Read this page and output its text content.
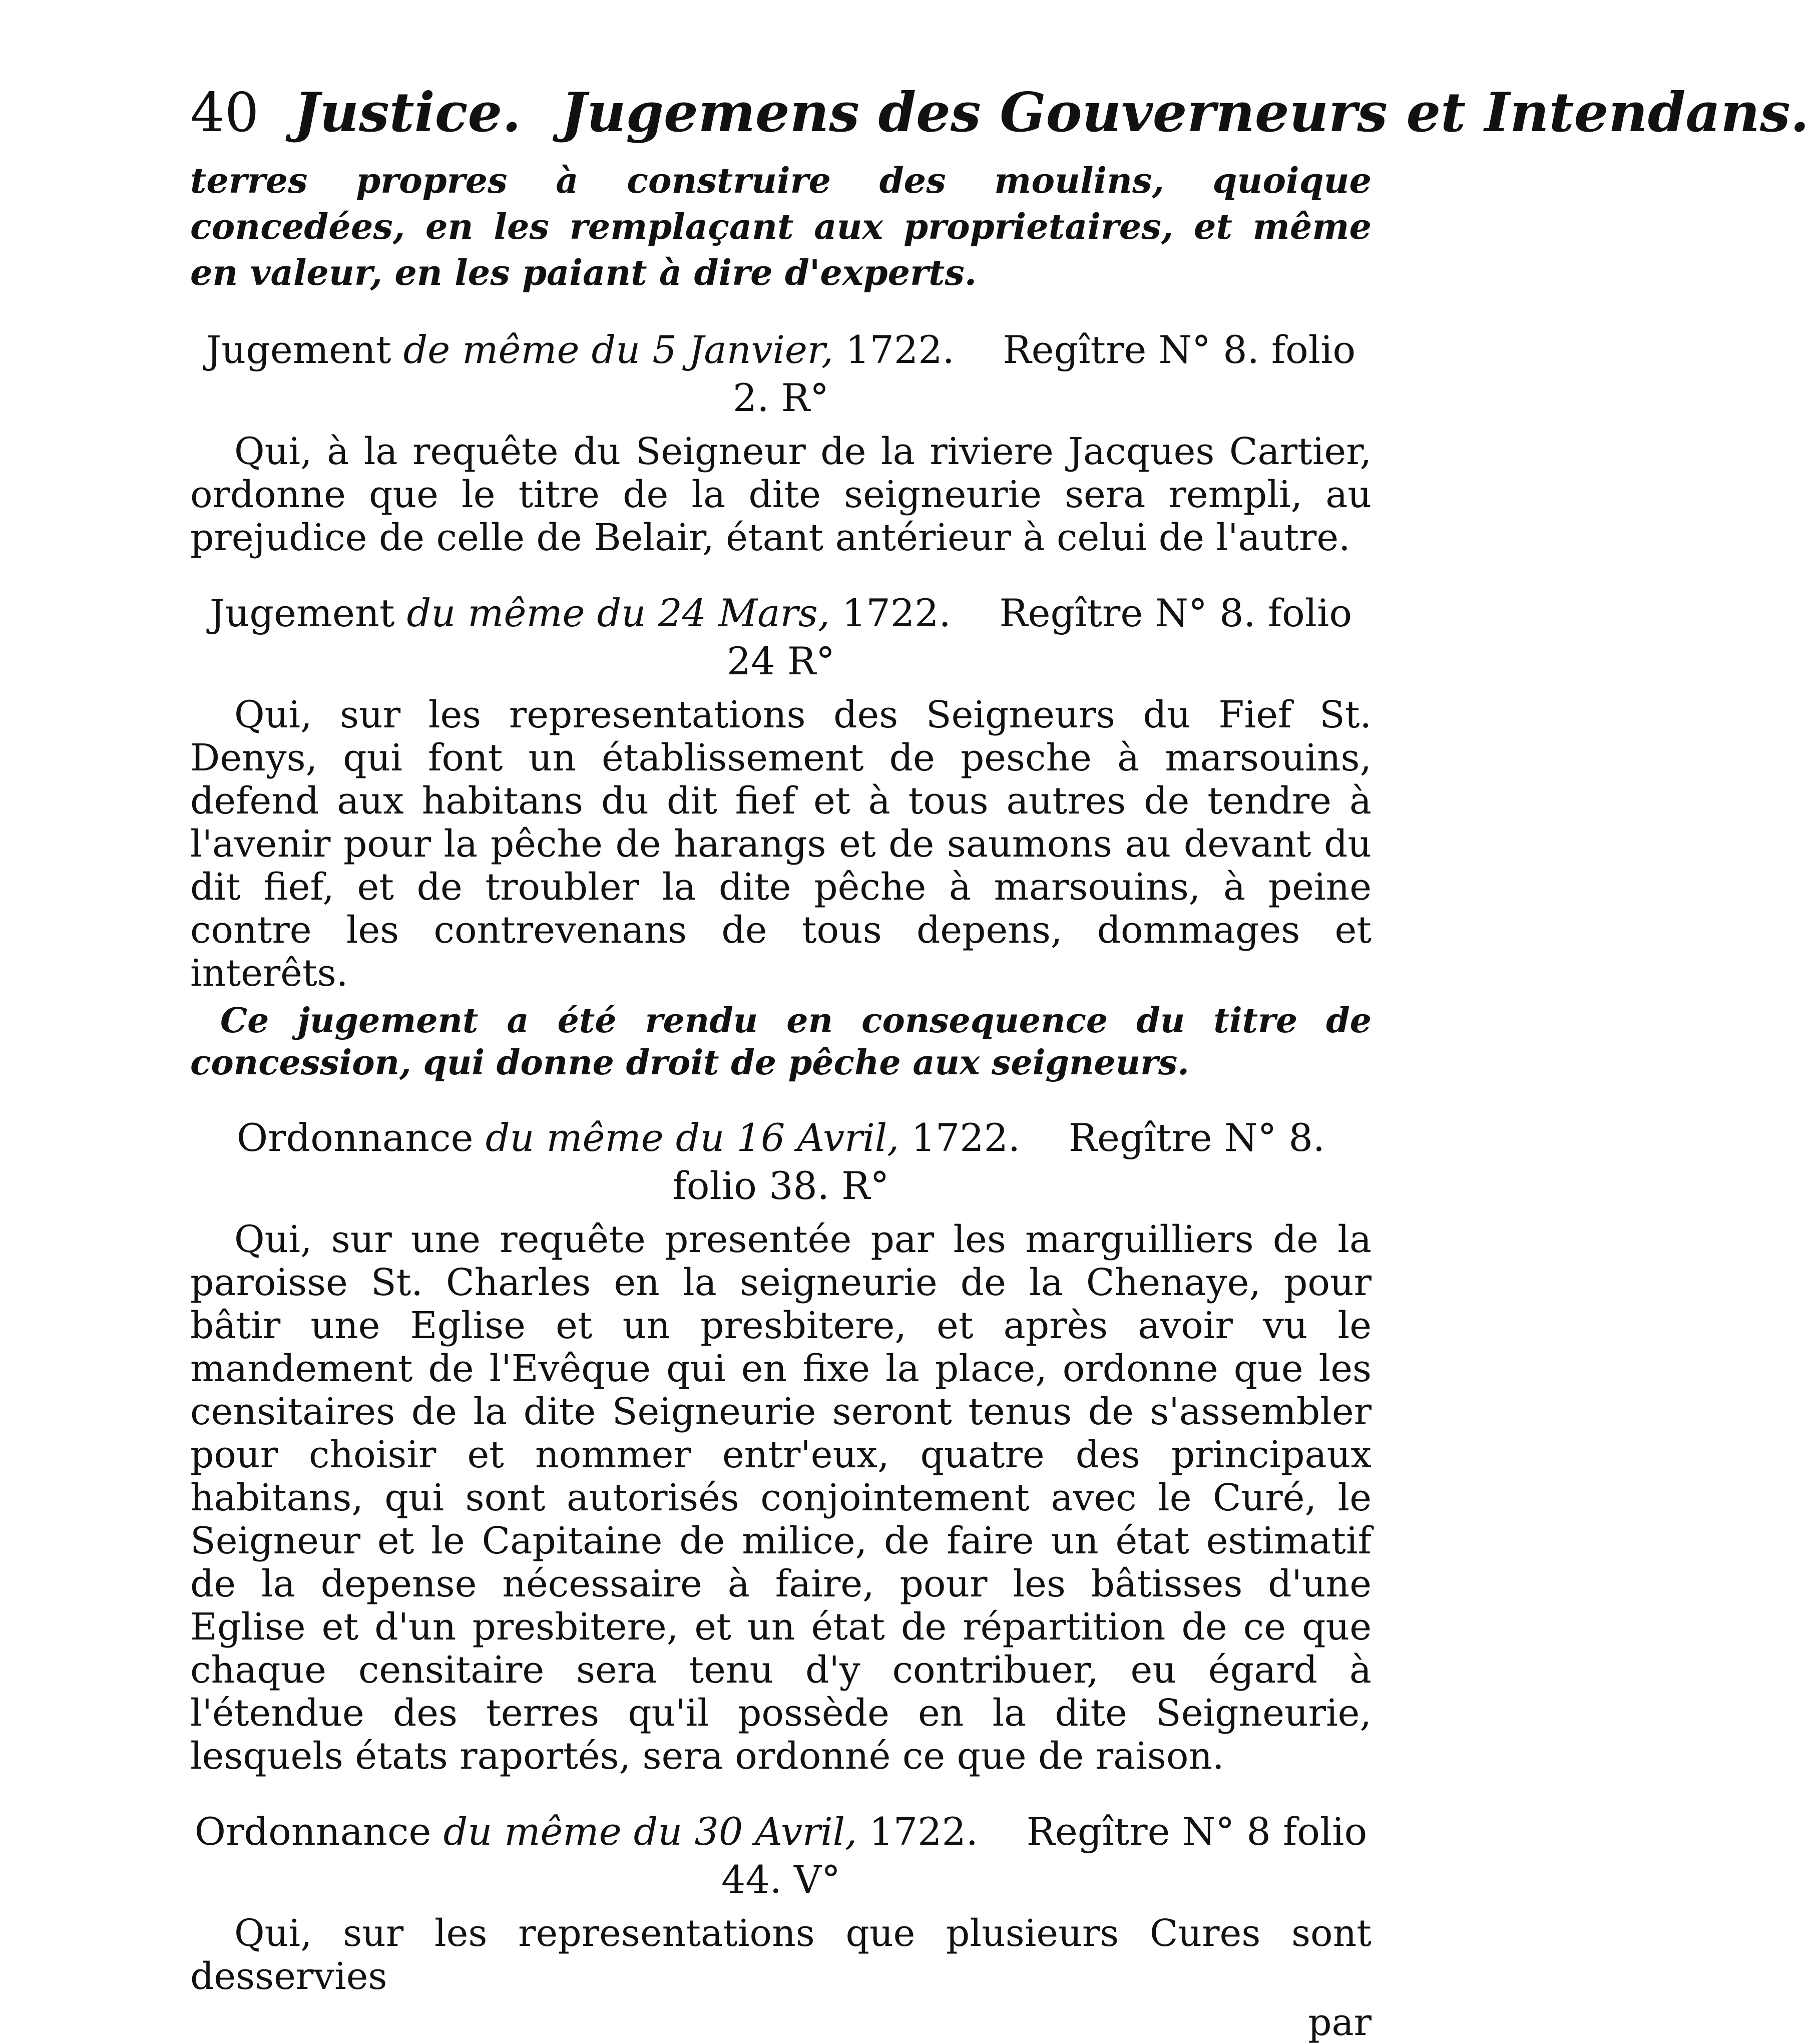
40 Justice. Jugemens des Gouverneurs et Intendans.

terres propres à construire des moulins, quoique concedées, en les remplaçant aux proprietaires, et même en valeur, en les paiant à dire d'experts.

Jugement de même du 5 Janvier, 1722. Regître N° 8. folio 2. R°

Qui, à la requête du Seigneur de la riviere Jacques Cartier, ordonne que le titre de la dite seigneurie sera rempli, au prejudice de celle de Belair, étant antérieur à celui de l'autre.

Jugement du même du 24 Mars, 1722. Regître N° 8. folio 24 R°

Qui, sur les representations des Seigneurs du Fief St. Denys, qui font un établissement de pesche à marsouins, defend aux habitans du dit fief et à tous autres de tendre à l'avenir pour la pêche de harangs et de saumons au devant du dit fief, et de troubler la dite pêche à marsouins, à peine contre les contrevenans de tous depens, dommages et interêts.

Ce jugement a été rendu en consequence du titre de concession, qui donne droit de pêche aux seigneurs.

Ordonnance du même du 16 Avril, 1722. Regître N° 8. folio 38. R°

Qui, sur une requête presentée par les marguilliers de la paroisse St. Charles en la seigneurie de la Chenaye, pour bâtir une Eglise et un presbitere, et après avoir vu le mandement de l'Evêque qui en fixe la place, ordonne que les censitaires de la dite Seigneurie seront tenus de s'assembler pour choisir et nommer entr'eux, quatre des principaux habitans, qui sont autorisés conjointement avec le Curé, le Seigneur et le Capitaine de milice, de faire un état estimatif de la depense nécessaire à faire, pour les bâtisses d'une Eglise et d'un presbitere, et un état de répartition de ce que chaque censitaire sera tenu d'y contribuer, eu égard à l'étendue des terres qu'il possède en la dite Seigneurie, lesquels états raportés, sera ordonné ce que de raison.

Ordonnance du même du 30 Avril, 1722. Regître N° 8 folio 44. V°

Qui, sur les representations que plusieurs Cures sont desservies

par
